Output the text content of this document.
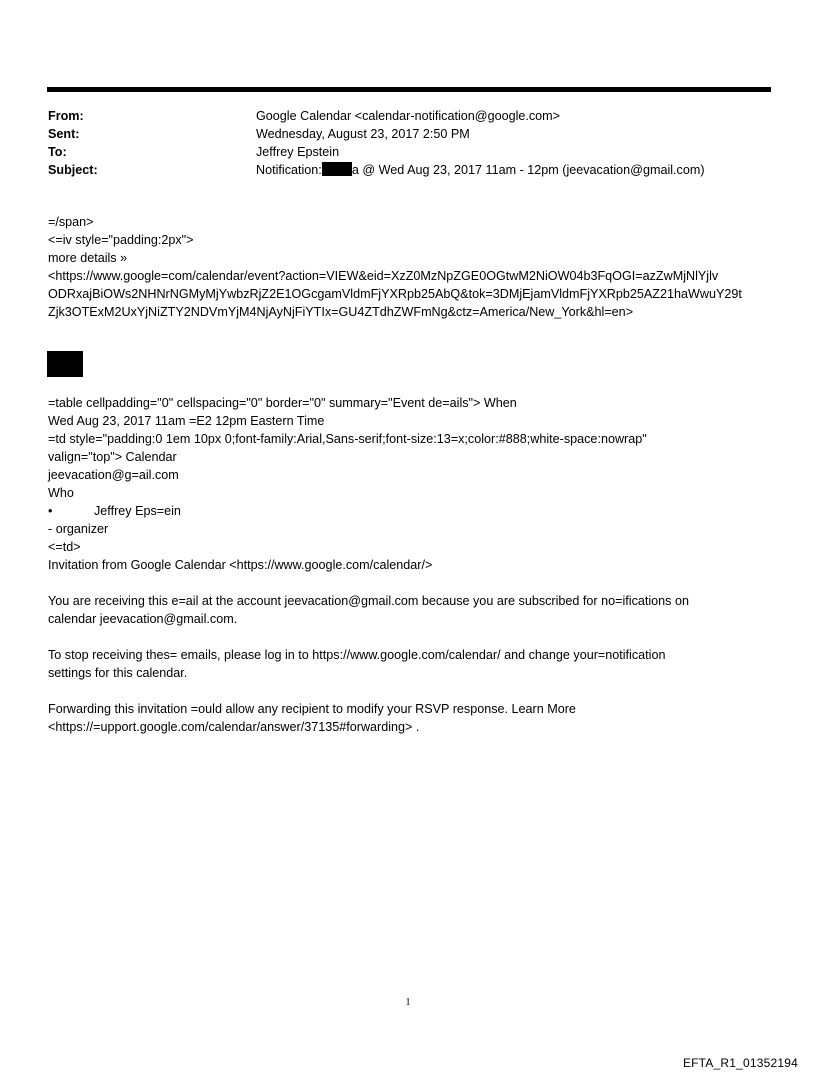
From:	Google Calendar <calendar-notification@google.com>
Sent:	Wednesday, August 23, 2017 2:50 PM
To:	Jeffrey Epstein
Subject:	Notification: a @ Wed Aug 23, 2017 11am - 12pm (jeevacation@gmail.com)
=/span>
<=iv style="padding:2px">
more details »
<https://www.google=com/calendar/event?action=VIEW&eid=XzZ0MzNpZGE0OGtwM2NiOW04b3FqOGI=azZwMjNlYjlv
ODRxajBiOWs2NHNrNGMyMjYwbzRjZ2E1OGcgamVldmFjYXRpb25AbQ&tok=3DMjEjamVldmFjYXRpb25AZ21haWwuY29t
Zjk3OTExM2UxYjNiZTY2NDVmYjM4NjAyNjFiYTIx=GU4ZTdhZWFmNg&ctz=America/New_York&hl=en>
=table cellpadding="0" cellspacing="0" border="0" summary="Event de=ails"> When
Wed Aug 23, 2017 11am =E2 12pm Eastern Time
=td style="padding:0 1em 10px 0;font-family:Arial,Sans-serif;font-size:13=x;color:#888;white-space:nowrap"
valign="top"> Calendar
jeevacation@g=ail.com
Who
•	Jeffrey Eps=ein
- organizer
<=td>
Invitation from Google Calendar <https://www.google.com/calendar/>
You are receiving this e=ail at the account jeevacation@gmail.com because you are subscribed for no=ifications on
calendar jeevacation@gmail.com.
To stop receiving thes= emails, please log in to https://www.google.com/calendar/ and change your=notification
settings for this calendar.
Forwarding this invitation =ould allow any recipient to modify your RSVP response. Learn More
<https://=upport.google.com/calendar/answer/37135#forwarding> .
1
EFTA_R1_01352194
